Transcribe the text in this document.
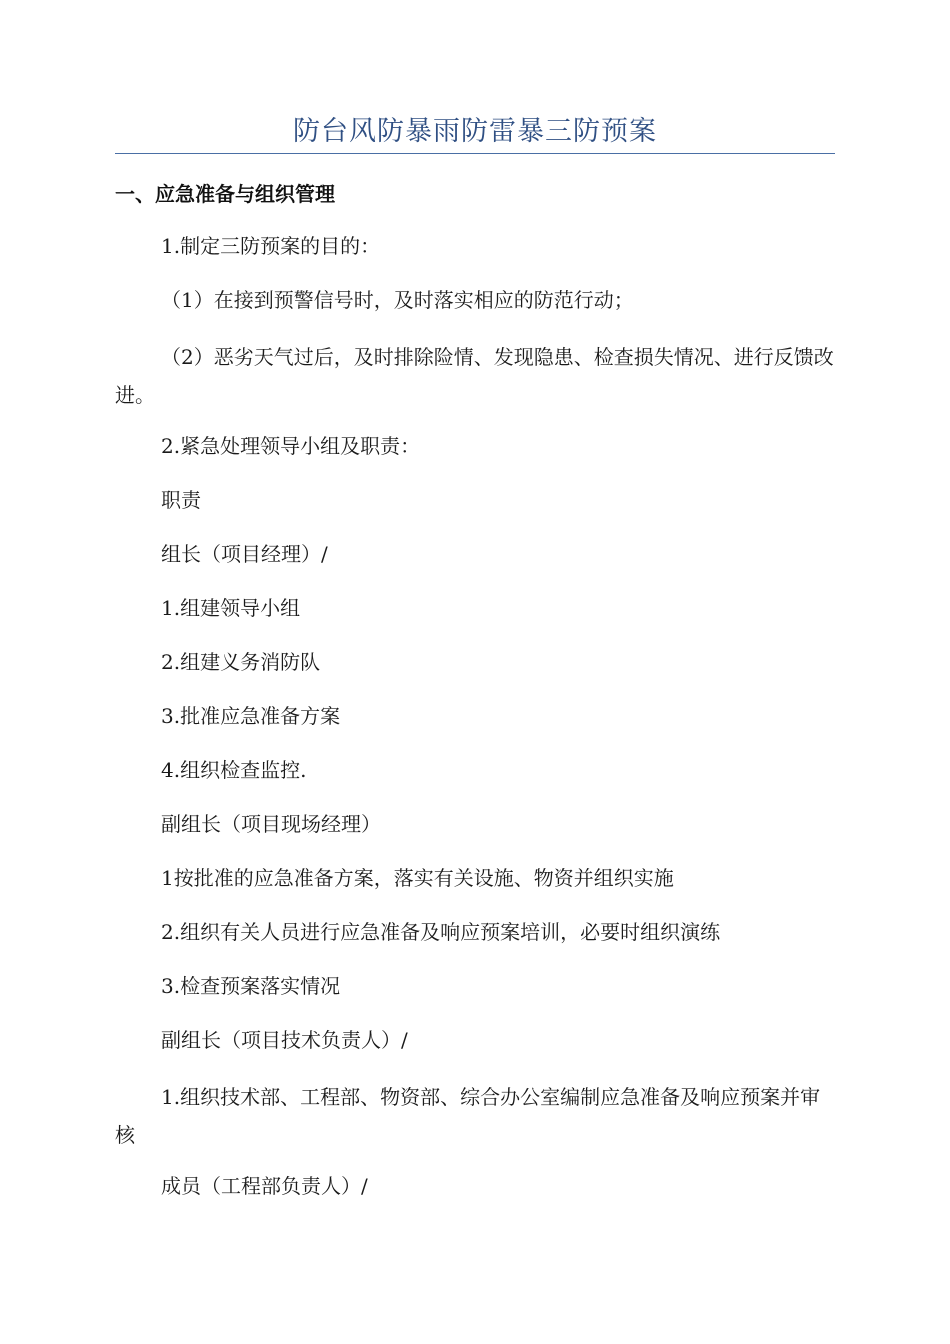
防台风防暴雨防雷暴三防预案
一、应急准备与组织管理

1.制定三防预案的目的：

（1）在接到预警信号时，及时落实相应的防范行动；

（2）恶劣天气过后，及时排除险情、发现隐患、检查损失情况、进行反馈改进。

2.紧急处理领导小组及职责：

职责

组长（项目经理）/

1.组建领导小组

2.组建义务消防队

3.批准应急准备方案

4.组织检查监控.

副组长（项目现场经理）

1按批准的应急准备方案，落实有关设施、物资并组织实施

2.组织有关人员进行应急准备及响应预案培训，必要时组织演练

3.检查预案落实情况

副组长（项目技术负责人）/

1.组织技术部、工程部、物资部、综合办公室编制应急准备及响应预案并审核

成员（工程部负责人）/
